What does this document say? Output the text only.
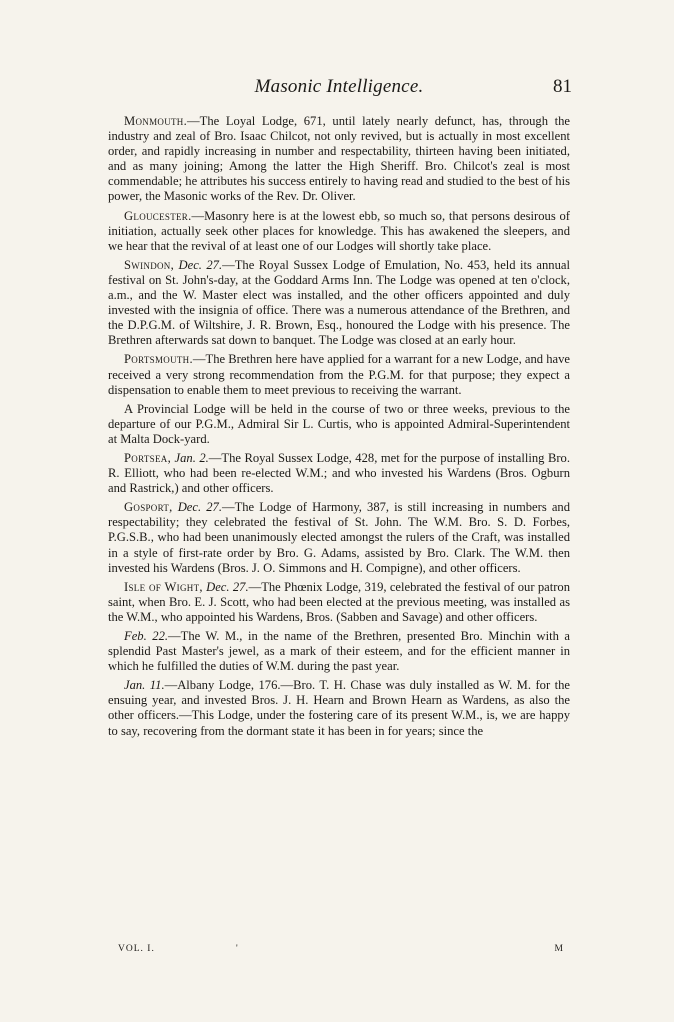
Masonic Intelligence.	81

Monmouth.—The Loyal Lodge, 671, until lately nearly defunct, has, through the industry and zeal of Bro. Isaac Chilcot, not only revived, but is actually in most excellent order, and rapidly increasing in number and respectability, thirteen having been initiated, and as many joining; Among the latter the High Sheriff. Bro. Chilcot's zeal is most commendable; he attributes his success entirely to having read and studied to the best of his power, the Masonic works of the Rev. Dr. Oliver.

Gloucester.—Masonry here is at the lowest ebb, so much so, that persons desirous of initiation, actually seek other places for knowledge. This has awakened the sleepers, and we hear that the revival of at least one of our Lodges will shortly take place.

Swindon, Dec. 27.—The Royal Sussex Lodge of Emulation, No. 453, held its annual festival on St. John's-day, at the Goddard Arms Inn. The Lodge was opened at ten o'clock, a.m., and the W. Master elect was installed, and the other officers appointed and duly invested with the insignia of office. There was a numerous attendance of the Brethren, and the D.P.G.M. of Wiltshire, J. R. Brown, Esq., honoured the Lodge with his presence. The Brethren afterwards sat down to banquet. The Lodge was closed at an early hour.

Portsmouth.—The Brethren here have applied for a warrant for a new Lodge, and have received a very strong recommendation from the P.G.M. for that purpose; they expect a dispensation to enable them to meet previous to receiving the warrant.

A Provincial Lodge will be held in the course of two or three weeks, previous to the departure of our P.G.M., Admiral Sir L. Curtis, who is appointed Admiral-Superintendent at Malta Dock-yard.

Portsea, Jan. 2.—The Royal Sussex Lodge, 428, met for the purpose of installing Bro. R. Elliott, who had been re-elected W.M.; and who invested his Wardens (Bros. Ogburn and Rastrick,) and other officers.

Gosport, Dec. 27.—The Lodge of Harmony, 387, is still increasing in numbers and respectability; they celebrated the festival of St. John. The W.M. Bro. S. D. Forbes, P.G.S.B., who had been unanimously elected amongst the rulers of the Craft, was installed in a style of first-rate order by Bro. G. Adams, assisted by Bro. Clark. The W.M. then invested his Wardens (Bros. J. O. Simmons and H. Compigne), and other officers.

Isle of Wight, Dec. 27.—The Phœnix Lodge, 319, celebrated the festival of our patron saint, when Bro. E. J. Scott, who had been elected at the previous meeting, was installed as the W.M., who appointed his Wardens, Bros. (Sabben and Savage) and other officers.

Feb. 22.—The W. M., in the name of the Brethren, presented Bro. Minchin with a splendid Past Master's jewel, as a mark of their esteem, and for the efficient manner in which he fulfilled the duties of W.M. during the past year.

Jan. 11.—Albany Lodge, 176.—Bro. T. H. Chase was duly installed as W. M. for the ensuing year, and invested Bros. J. H. Hearn and Brown Hearn as Wardens, as also the other officers.—This Lodge, under the fostering care of its present W.M., is, we are happy to say, recovering from the dormant state it has been in for years; since the

VOL. I.	'	M
